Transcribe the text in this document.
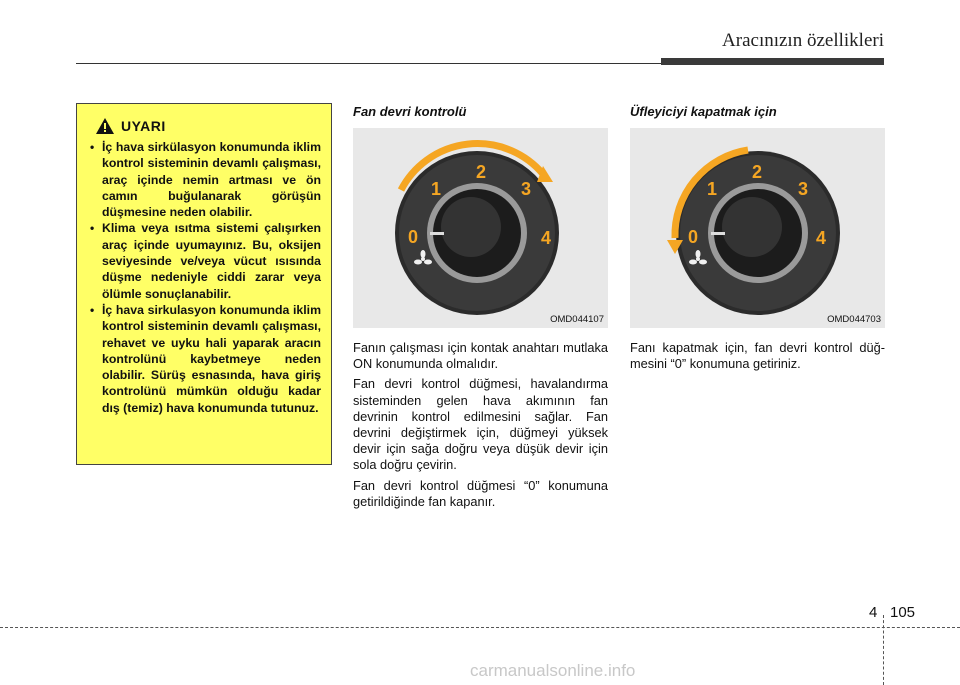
Aracınızın özellikleri
UYARI
• İç hava sirkülasyon konumunda iklim kontrol sisteminin devamlı çalışması, araç içinde nemin artması ve ön camın buğulanarak görüşün düşmesine neden olabilir.
• Klima veya ısıtma sistemi çalışırken araç içinde uyumayınız. Bu, oksijen seviyesinde ve/veya vücut ısısında düşme nedeniyle ciddi zarar veya ölümle sonuçlanabilir.
• İç hava sirkulasyon konumunda iklim kontrol sisteminin devamlı çalışması, rehavet ve uyku hali yaparak aracın kontrolünü kaybetmeye neden olabilir. Sürüş esnasında, hava giriş kontrolünü mümkün olduğu kadar dış (temiz) hava konumunda tutunuz.
Fan devri kontrolü
0
1
2
3
4
OMD044107

Fanın çalışması için kontak anahtarı mutlaka ON konumunda olmalıdır.

Fan devri kontrol düğmesi, havalandırma sisteminden gelen hava akımının fan devrinin kontrol edilmesini sağlar. Fan devrini değiştirmek için, düğmeyi yüksek devir için sağa doğru veya düşük devir için sola doğru çevirin.

Fan devri kontrol düğmesi “0” konumuna getirildiğinde fan kapanır.

Üfleyiciyi kapatmak için
0
1
2
3
4
OMD044703

Fanı kapatmak için, fan devri kontrol düğmesini “0” konumuna getiriniz.

4 105
carmanualsonline.info
